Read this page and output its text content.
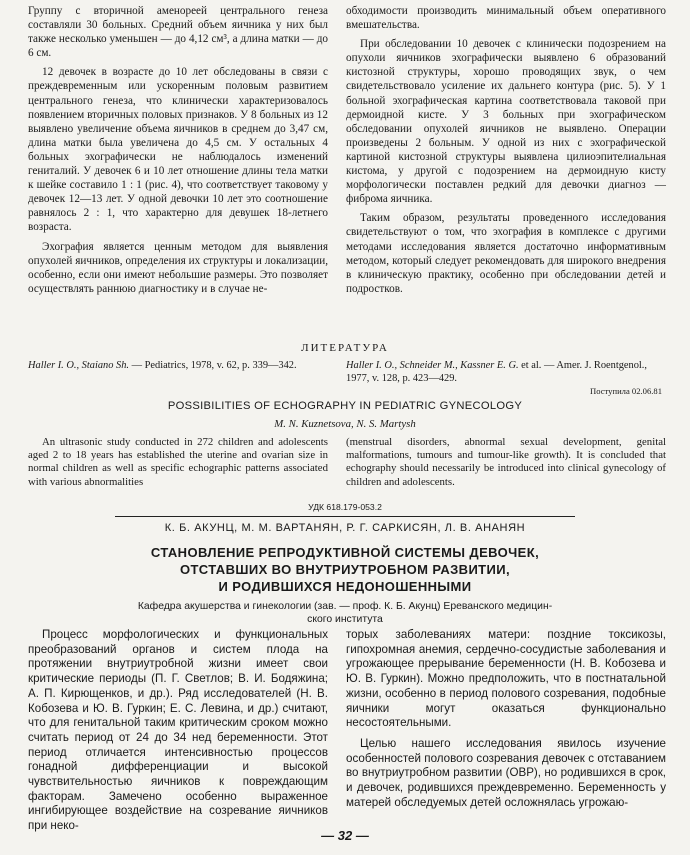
Группу с вторичной аменореей центрального генеза составляли 30 больных. Средний объем яичника у них был также несколько уменьшен — до 4,12 см³, а длина матки — до 6 см.

12 девочек в возрасте до 10 лет обследованы в связи с преждевременным или ускоренным половым развитием центрального генеза, что клинически характеризовалось появлением вторичных половых признаков. У 8 больных из 12 выявлено увеличение объема яичников в среднем до 3,47 см, длина матки была увеличена до 4,5 см. У остальных 4 больных эхографически не наблюдалось изменений гениталий. У девочек 6 и 10 лет отношение длины тела матки к шейке составило 1 : 1 (рис. 4), что соответствует таковому у девочек 12—13 лет. У одной девочки 10 лет это соотношение равнялось 2 : 1, что характерно для девушек 18-летнего возраста.

Эхография является ценным методом для выявления опухолей яичников, определения их структуры и локализации, особенно, если они имеют небольшие размеры. Это позволяет осуществлять раннюю диагностику и в случае не-

обходимости производить минимальный объем оперативного вмешательства.

При обследовании 10 девочек с клинически подозрением на опухоли яичников эхографически выявлено 6 образований кистозной структуры, хорошо проводящих звук, о чем свидетельствовало усиление их дальнего контура (рис. 5). У 1 больной эхографическая картина соответствовала таковой при дермоидной кисте. У 3 больных при эхографическом обследовании опухолей яичников не выявлено. Операции произведены 2 больным. У одной из них с эхографической картиной кистозной структуры выявлена цилиоэпителиальная кистома, у другой с подозрением на дермоидную кисту морфологически поставлен редкий для девочки диагноз — фиброма яичника.

Таким образом, результаты проведенного исследования свидетельствуют о том, что эхография в комплексе с другими методами исследования является достаточно информативным методом, который следует рекомендовать для широкого внедрения в клиническую практику, особенно при обследовании детей и подростков.

ЛИТЕРАТУРА
Haller I. O., Staiano Sh. — Pediatrics, 1978, v. 62, p. 339—342.	Haller I. O., Schneider M., Kassner E. G. et al. — Amer. J. Roentgenol., 1977, v. 128, p. 423—429.
Поступила 02.06.81
POSSIBILITIES OF ECHOGRAPHY IN PEDIATRIC GYNECOLOGY
M. N. Kuznetsova, N. S. Martysh
An ultrasonic study conducted in 272 children and adolescents aged 2 to 18 years has established the uterine and ovarian size in normal children as well as specific echographic patterns associated with various abnormalities
(menstrual disorders, abnormal sexual development, genital malformations, tumours and tumour-like growth). It is concluded that echography should necessarily be introduced into clinical gynecology of children and adolescents.
УДК 618.179-053.2
К. Б. АКУНЦ, М. М. ВАРТАНЯН, Р. Г. САРКИСЯН, Л. В. АНАНЯН
СТАНОВЛЕНИЕ РЕПРОДУКТИВНОЙ СИСТЕМЫ ДЕВОЧЕК,
ОТСТАВШИХ ВО ВНУТРИУТРОБНОМ РАЗВИТИИ,
И РОДИВШИХСЯ НЕДОНОШЕННЫМИ
Кафедра акушерства и гинекологии (зав. — проф. К. Б. Акунц) Ереванского медицин-
ского института

Процесс морфологических и функциональных преобразований органов и систем плода на протяжении внутриутробной жизни имеет свои критические периоды (П. Г. Светлов; В. И. Бодяжина; А. П. Кирющенков, и др.). Ряд исследователей (Н. В. Кобозева и Ю. В. Гуркин; Е. С. Левина, и др.) считают, что для генитальной таким критическим сроком можно считать период от 24 до 34 нед беременности. Этот период отличается интенсивностью процессов гонадной дифференциации и высокой чувствительностью яичников к повреждающим факторам. Замечено особенно выраженное ингибирующее воздействие на созревание яичников при неко-

торых заболеваниях матери: поздние токсикозы, гипохромная анемия, сердечно-сосудистые заболевания и угрожающее прерывание беременности (Н. В. Кобозева и Ю. В. Гуркин). Можно предположить, что в постнатальной жизни, особенно в период полового созревания, подобные яичники могут оказаться функционально несостоятельными.

Целью нашего исследования явилось изучение особенностей полового созревания девочек с отставанием во внутриутробном развитии (ОВР), но родившихся в срок, и девочек, родившихся преждевременно. Беременность у матерей обследуемых детей осложнялась угрожаю-

— 32 —
